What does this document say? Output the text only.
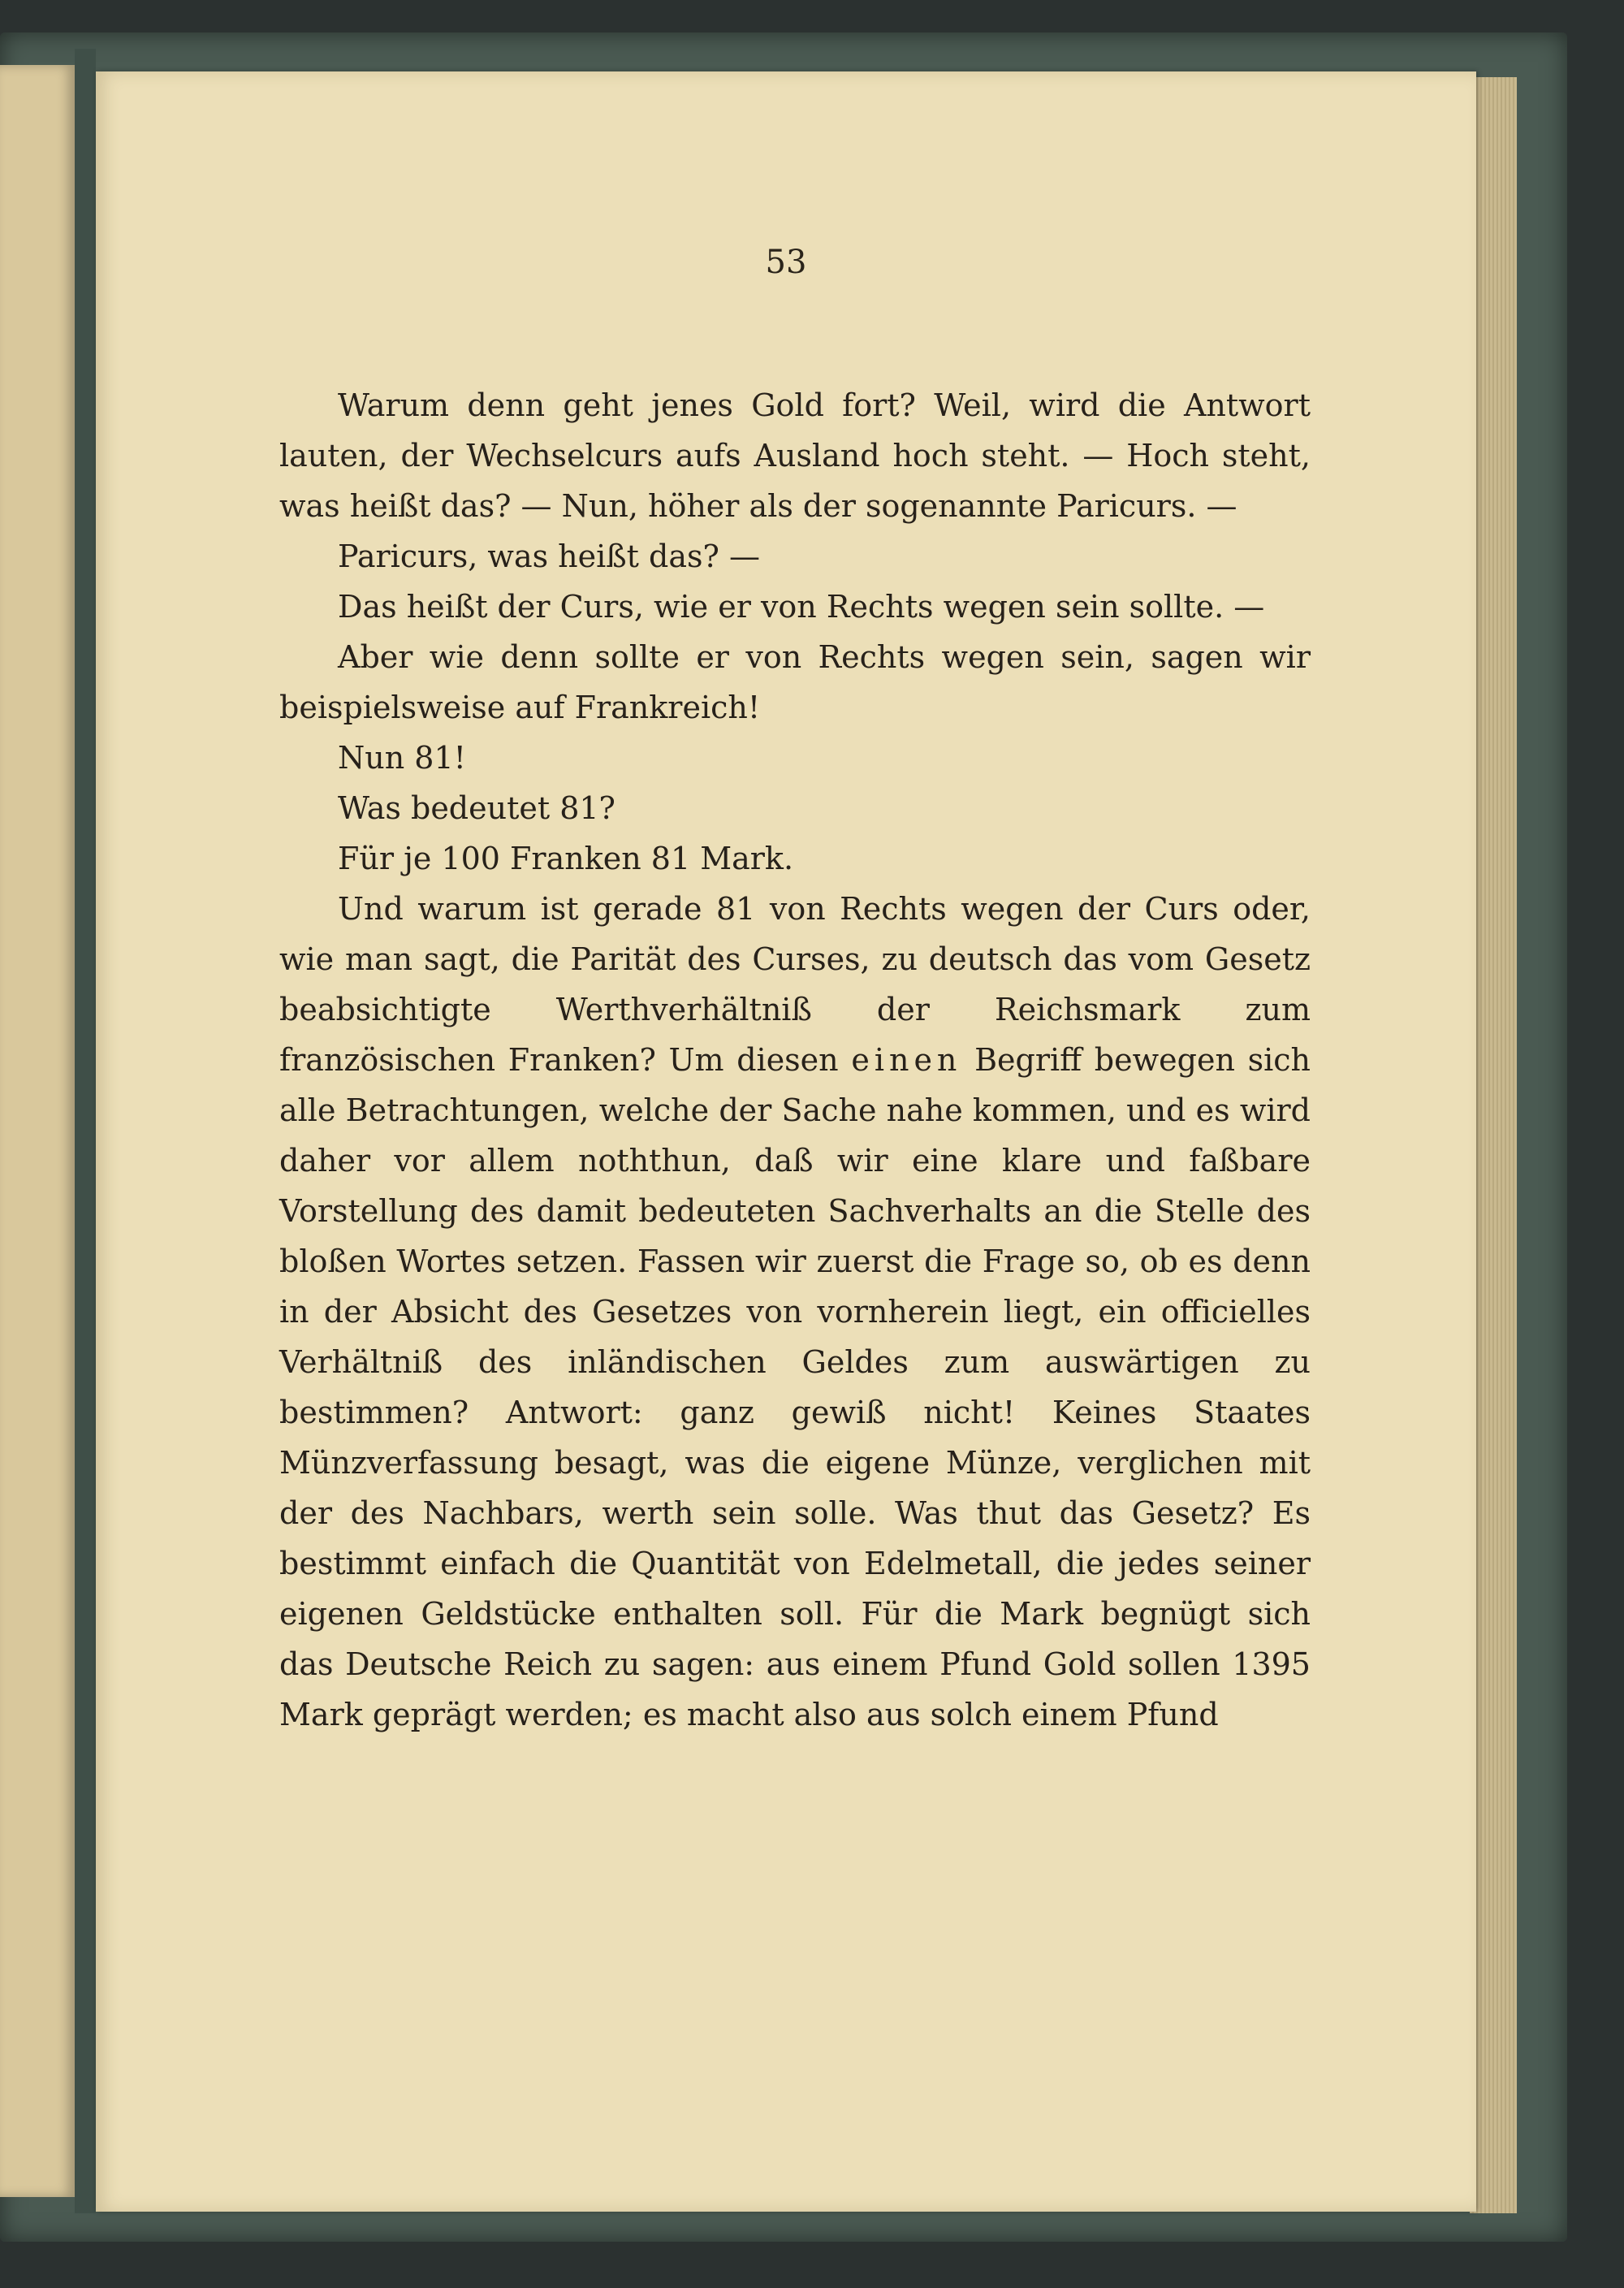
53

Warum denn geht jenes Gold fort? Weil, wird die Antwort lauten, der Wechselcurs aufs Ausland hoch steht. — Hoch steht, was heißt das? — Nun, höher als der sogenannte Paricurs. —

Paricurs, was heißt das? —

Das heißt der Curs, wie er von Rechts wegen sein sollte. —

Aber wie denn sollte er von Rechts wegen sein, sagen wir beispielsweise auf Frankreich!

Nun 81!

Was bedeutet 81?

Für je 100 Franken 81 Mark.

Und warum ist gerade 81 von Rechts wegen der Curs oder, wie man sagt, die Parität des Curses, zu deutsch das vom Gesetz beabsichtigte Werthverhältniß der Reichsmark zum französischen Franken? Um diesen einen Begriff bewegen sich alle Betrachtungen, welche der Sache nahe kommen, und es wird daher vor allem noththun, daß wir eine klare und faßbare Vorstellung des damit bedeuteten Sachverhalts an die Stelle des bloßen Wortes setzen. Fassen wir zuerst die Frage so, ob es denn in der Absicht des Gesetzes von vornherein liegt, ein officielles Verhältniß des inländischen Geldes zum auswärtigen zu bestimmen? Antwort: ganz gewiß nicht! Keines Staates Münzverfassung besagt, was die eigene Münze, verglichen mit der des Nachbars, werth sein solle. Was thut das Gesetz? Es bestimmt einfach die Quantität von Edelmetall, die jedes seiner eigenen Geldstücke enthalten soll. Für die Mark begnügt sich das Deutsche Reich zu sagen: aus einem Pfund Gold sollen 1395 Mark geprägt werden; es macht also aus solch einem Pfund
